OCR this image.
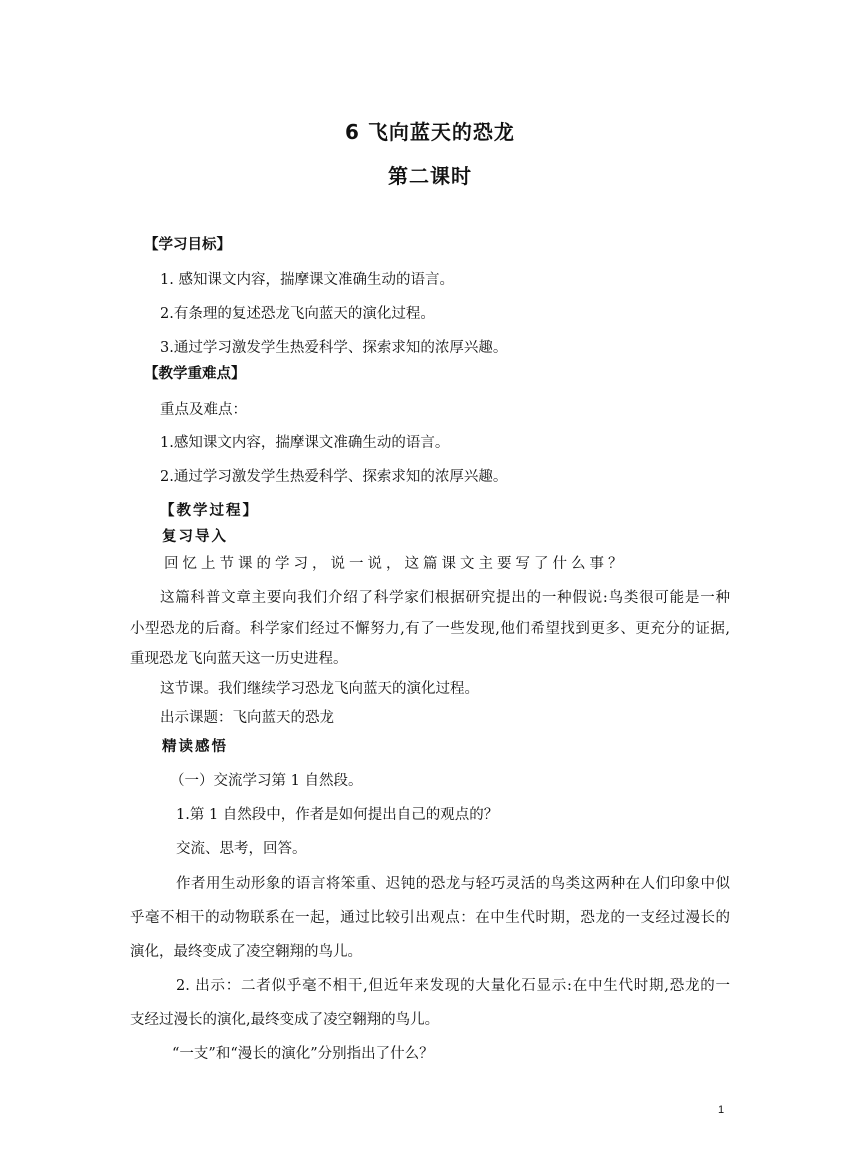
6 飞向蓝天的恐龙
第二课时
【学习目标】
1. 感知课文内容，揣摩课文准确生动的语言。
2.有条理的复述恐龙飞向蓝天的演化过程。
3.通过学习激发学生热爱科学、探索求知的浓厚兴趣。
【教学重难点】
重点及难点：
1.感知课文内容，揣摩课文准确生动的语言。
2.通过学习激发学生热爱科学、探索求知的浓厚兴趣。
【教学过程】
复习导入
回忆上节课的学习，说一说，这篇课文主要写了什么事？
这篇科普文章主要向我们介绍了科学家们根据研究提出的一种假说:鸟类很可能是一种
小型恐龙的后裔。科学家们经过不懈努力,有了一些发现,他们希望找到更多、更充分的证据,
重现恐龙飞向蓝天这一历史进程。
这节课。我们继续学习恐龙飞向蓝天的演化过程。
出示课题：飞向蓝天的恐龙
精读感悟
（一）交流学习第 1 自然段。
1.第 1 自然段中，作者是如何提出自己的观点的？
交流、思考，回答。
作者用生动形象的语言将笨重、迟钝的恐龙与轻巧灵活的鸟类这两种在人们印象中似
乎毫不相干的动物联系在一起，通过比较引出观点：在中生代时期，恐龙的一支经过漫长的
演化，最终变成了凌空翱翔的鸟儿。
2. 出示：二者似乎毫不相干,但近年来发现的大量化石显示:在中生代时期,恐龙的一
支经过漫长的演化,最终变成了凌空翱翔的鸟儿。
“一支”和“漫长的演化”分别指出了什么？
1
